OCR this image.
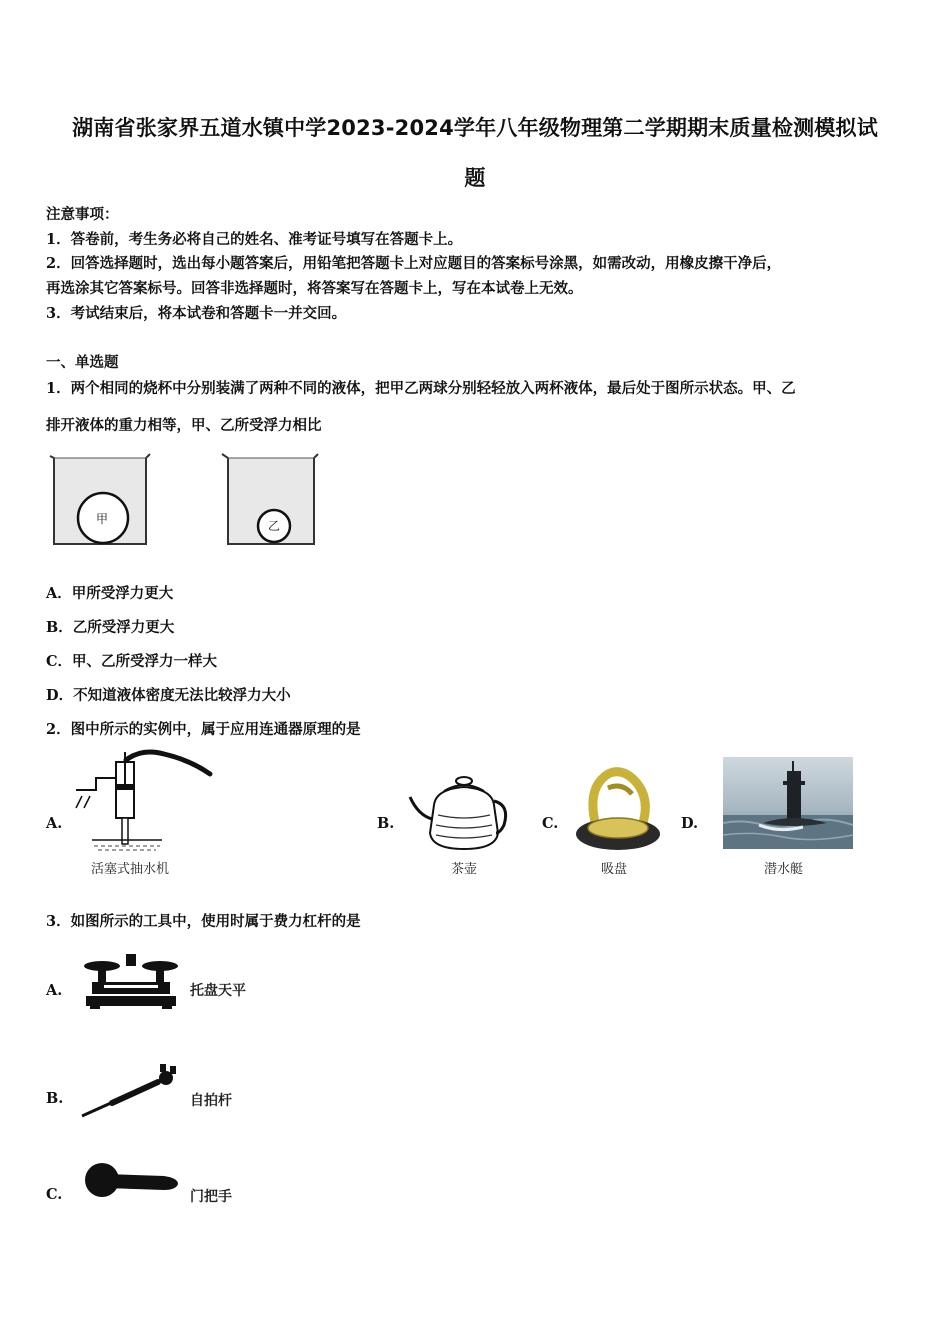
湖南省张家界五道水镇中学2023-2024学年八年级物理第二学期期末质量检测模拟试
题
注意事项：
1．答卷前，考生务必将自己的姓名、准考证号填写在答题卡上。
2．回答选择题时，选出每小题答案后，用铅笔把答题卡上对应题目的答案标号涂黑，如需改动，用橡皮擦干净后，
再选涂其它答案标号。回答非选择题时，将答案写在答题卡上，写在本试卷上无效。
3．考试结束后，将本试卷和答题卡一并交回。
一、单选题
1．两个相同的烧杯中分别装满了两种不同的液体，把甲乙两球分别轻轻放入两杯液体，最后处于图所示状态。甲、乙
排开液体的重力相等，甲、乙所受浮力相比
甲	乙
A．甲所受浮力更大
B．乙所受浮力更大
C．甲、乙所受浮力一样大
D．不知道液体密度无法比较浮力大小
2．图中所示的实例中，属于应用连通器原理的是
A.
活塞式抽水机
B.
茶壶
C.
吸盘
D.
潜水艇
3．如图所示的工具中，使用时属于费力杠杆的是
A.	托盘天平
B.	自拍杆
C.	门把手
